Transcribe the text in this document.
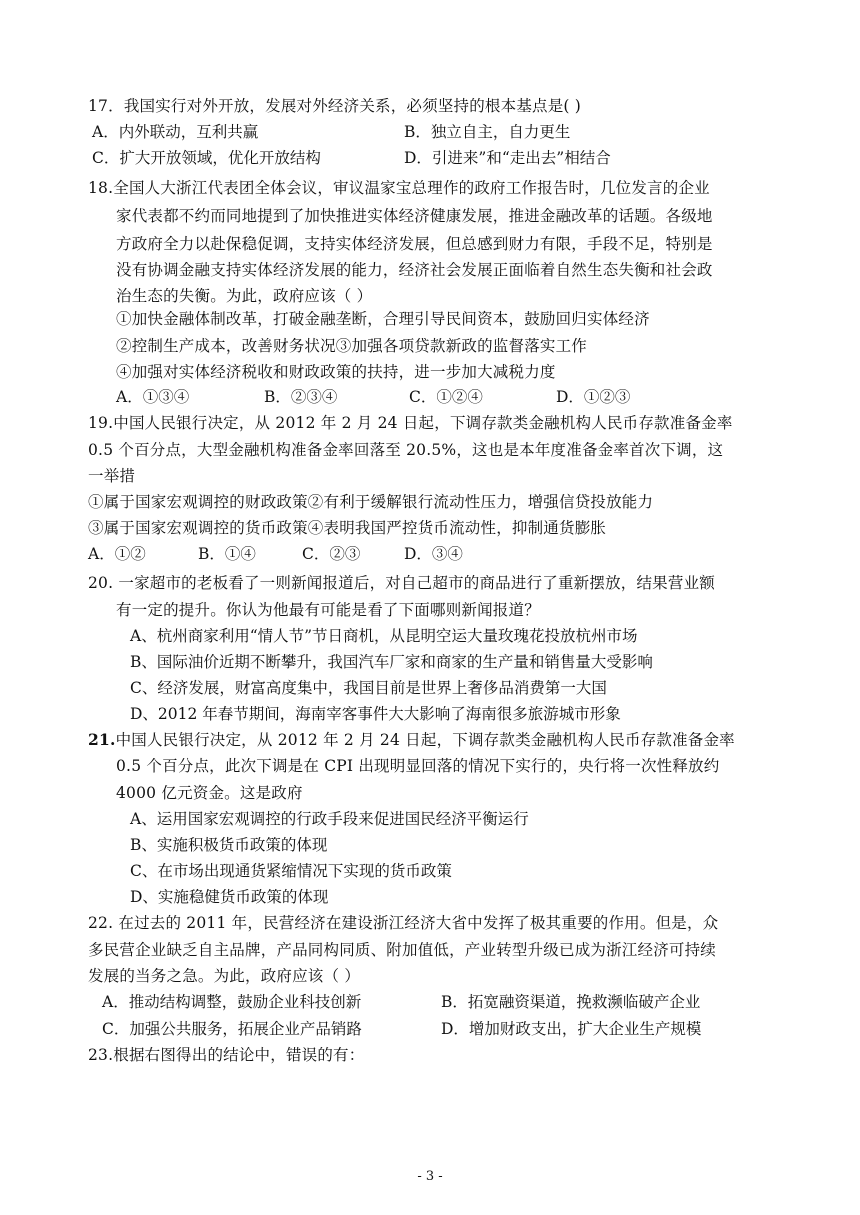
17．我国实行对外开放，发展对外经济关系，必须坚持的根本基点是( )
A．内外联动，互利共赢	B．独立自主，自力更生
C．扩大开放领域，优化开放结构	D．引进来”和“走出去”相结合
18.全国人大浙江代表团全体会议，审议温家宝总理作的政府工作报告时，几位发言的企业
家代表都不约而同地提到了加快推进实体经济健康发展，推进金融改革的话题。各级地
方政府全力以赴保稳促调，支持实体经济发展，但总感到财力有限，手段不足，特别是
没有协调金融支持实体经济发展的能力，经济社会发展正面临着自然生态失衡和社会政
治生态的失衡。为此，政府应该（ ）
①加快金融体制改革，打破金融垄断，合理引导民间资本，鼓励回归实体经济
②控制生产成本，改善财务状况③加强各项贷款新政的监督落实工作
④加强对实体经济税收和财政政策的扶持，进一步加大减税力度
A．①③④	B．②③④	C．①②④	D．①②③
19.中国人民银行决定，从 2012 年 2 月 24 日起，下调存款类金融机构人民币存款准备金率
0.5 个百分点，大型金融机构准备金率回落至 20.5%，这也是本年度准备金率首次下调，这
一举措
①属于国家宏观调控的财政政策②有利于缓解银行流动性压力，增强信贷投放能力
③属于国家宏观调控的货币政策④表明我国严控货币流动性，抑制通货膨胀
A．①②	B．①④	C．②③	D．③④
20. 一家超市的老板看了一则新闻报道后，对自己超市的商品进行了重新摆放，结果营业额
有一定的提升。你认为他最有可能是看了下面哪则新闻报道？
A、杭州商家利用“情人节”节日商机，从昆明空运大量玫瑰花投放杭州市场
B、国际油价近期不断攀升，我国汽车厂家和商家的生产量和销售量大受影响
C、经济发展，财富高度集中，我国目前是世界上奢侈品消费第一大国
D、2012 年春节期间，海南宰客事件大大影响了海南很多旅游城市形象
21.中国人民银行决定，从 2012 年 2 月 24 日起，下调存款类金融机构人民币存款准备金率
0.5 个百分点，此次下调是在 CPI 出现明显回落的情况下实行的，央行将一次性释放约
4000 亿元资金。这是政府
A、运用国家宏观调控的行政手段来促进国民经济平衡运行
B、实施积极货币政策的体现
C、在市场出现通货紧缩情况下实现的货币政策
D、实施稳健货币政策的体现
22. 在过去的 2011 年，民营经济在建设浙江经济大省中发挥了极其重要的作用。但是，众
多民营企业缺乏自主品牌，产品同构同质、附加值低，产业转型升级已成为浙江经济可持续
发展的当务之急。为此，政府应该（ ）
A．推动结构调整，鼓励企业科技创新	B．拓宽融资渠道，挽救濒临破产企业
C．加强公共服务，拓展企业产品销路	D．增加财政支出，扩大企业生产规模
23.根据右图得出的结论中，错误的有：
- 3 -
